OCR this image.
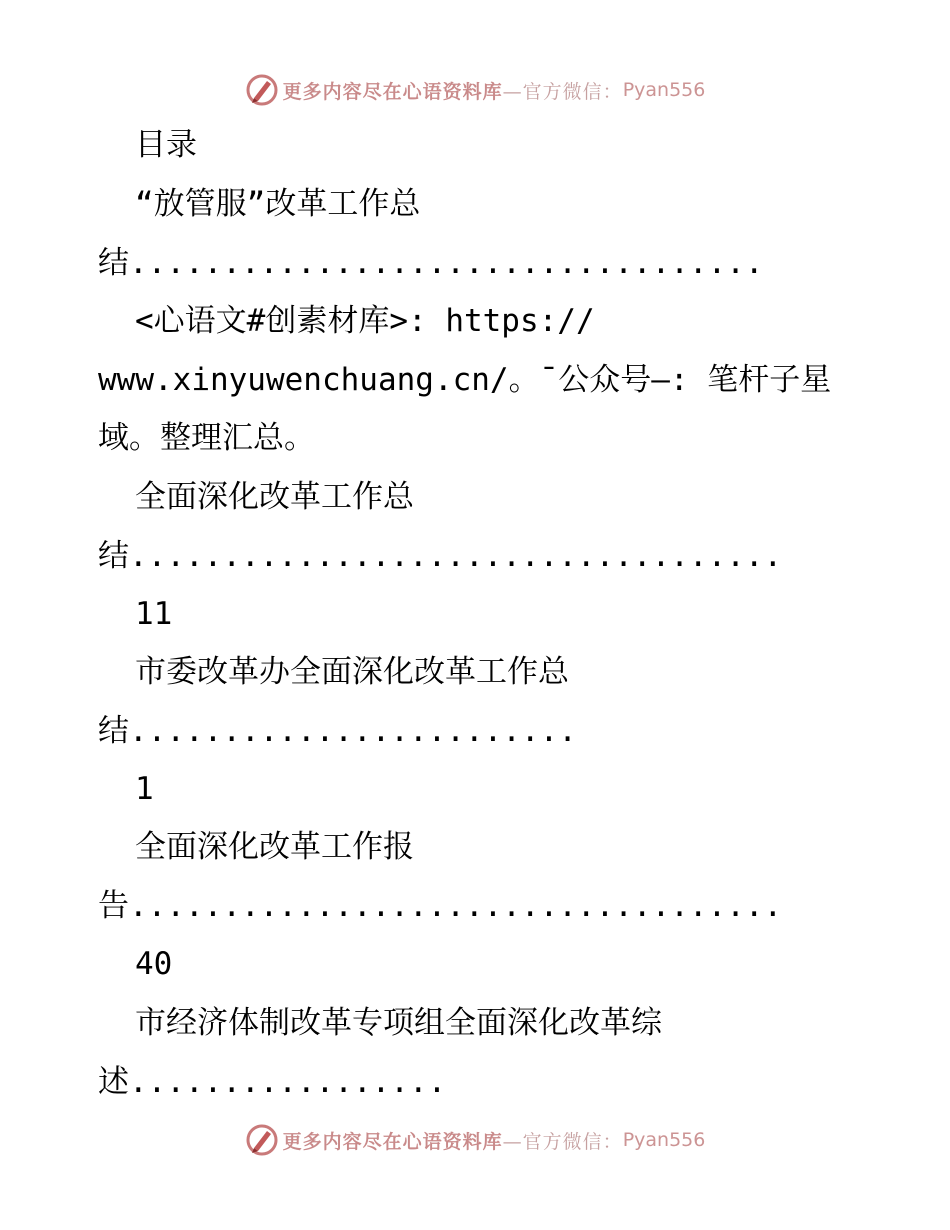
更多内容尽在心语资料库 —官方微信： Pyan556
目录
“放管服”改革工作总
结..................................
<心语文#创素材库>: https://
www.xinyuwenchuang.cn/。¯公众号—: 笔杆子星
域。整理汇总。
全面深化改革工作总
结...................................
11
市委改革办全面深化改革工作总
结........................
1
全面深化改革工作报
告...................................
40
市经济体制改革专项组全面深化改革综
述.................
更多内容尽在心语资料库 —官方微信： Pyan556
